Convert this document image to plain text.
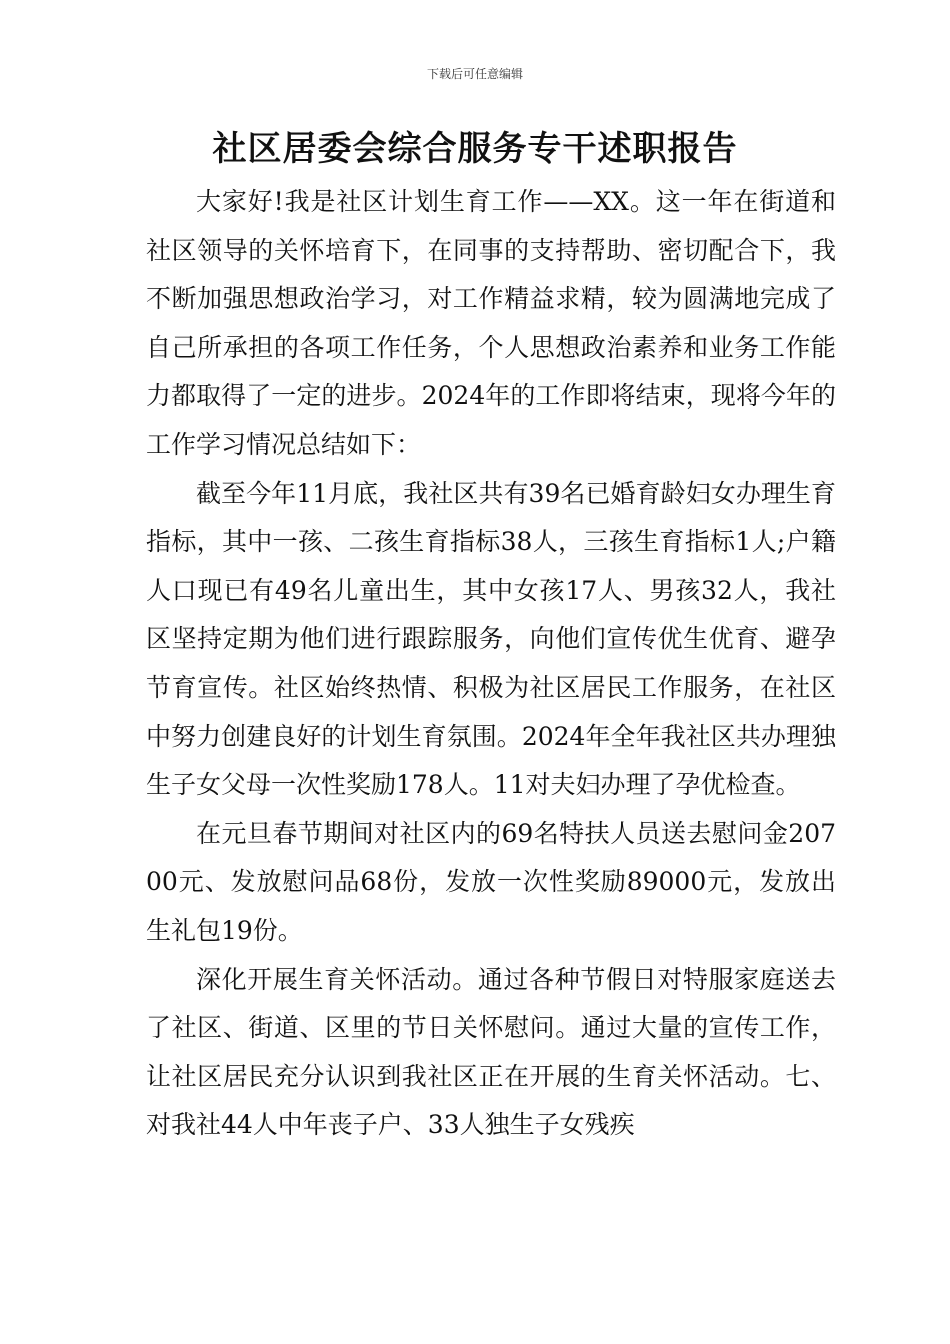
下载后可任意编辑
社区居委会综合服务专干述职报告

大家好!我是社区计划生育工作——XX。这一年在街道和社区领导的关怀培育下，在同事的支持帮助、密切配合下，我不断加强思想政治学习，对工作精益求精，较为圆满地完成了自己所承担的各项工作任务，个人思想政治素养和业务工作能力都取得了一定的进步。2024年的工作即将结束，现将今年的工作学习情况总结如下：

截至今年11月底，我社区共有39名已婚育龄妇女办理生育指标，其中一孩、二孩生育指标38人，三孩生育指标1人;户籍人口现已有49名儿童出生，其中女孩17人、男孩32人，我社区坚持定期为他们进行跟踪服务，向他们宣传优生优育、避孕节育宣传。社区始终热情、积极为社区居民工作服务，在社区中努力创建良好的计划生育氛围。2024年全年我社区共办理独生子女父母一次性奖励178人。11对夫妇办理了孕优检查。

在元旦春节期间对社区内的69名特扶人员送去慰问金20700元、发放慰问品68份，发放一次性奖励89000元，发放出生礼包19份。

深化开展生育关怀活动。通过各种节假日对特服家庭送去了社区、街道、区里的节日关怀慰问。通过大量的宣传工作，让社区居民充分认识到我社区正在开展的生育关怀活动。七、对我社44人中年丧子户、33人独生子女残疾
